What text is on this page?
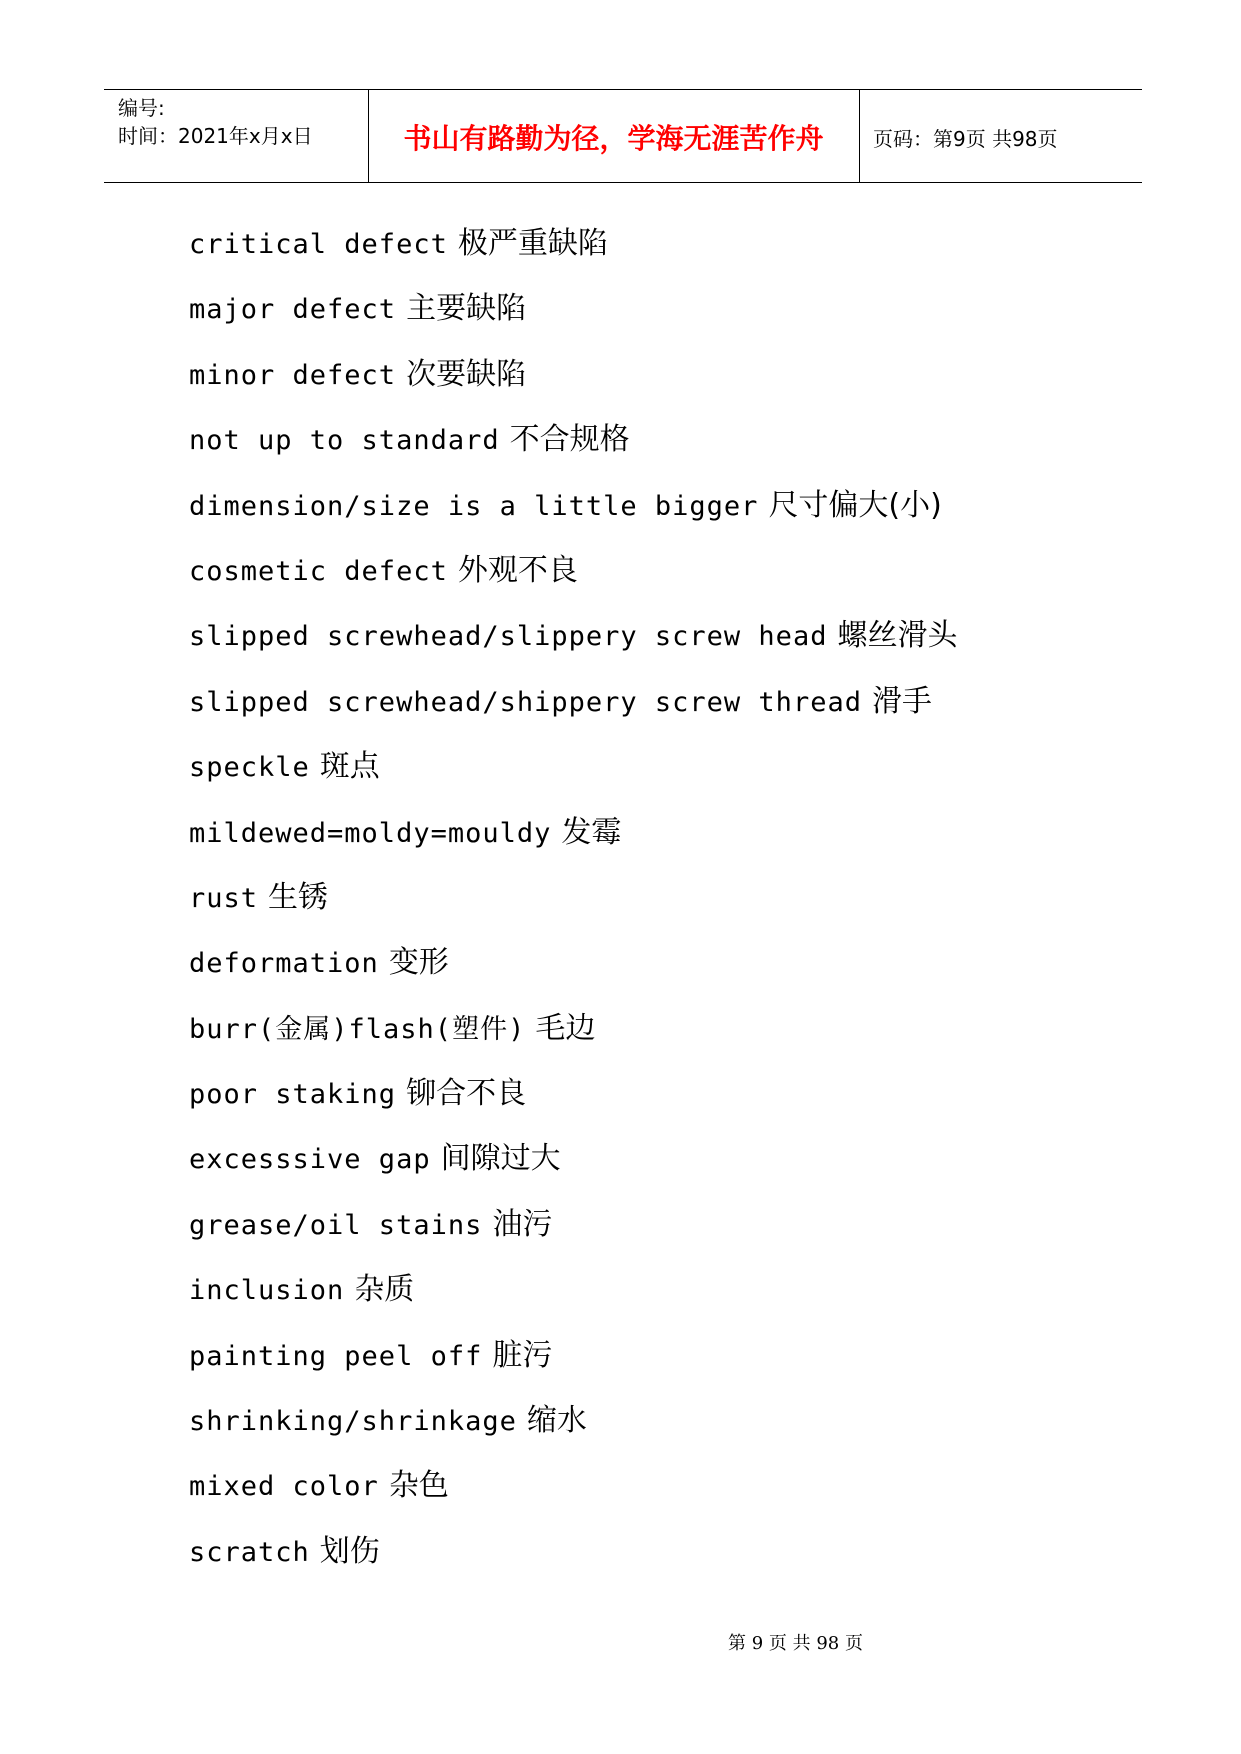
编号:
时间：2021年x月x日	书山有路勤为径，学海无涯苦作舟	页码：第9页 共98页
critical defect 极严重缺陷
major defect 主要缺陷
minor defect 次要缺陷
not up to standard 不合规格
dimension/size is a little bigger 尺寸偏大(小)
cosmetic defect 外观不良
slipped screwhead/slippery screw head 螺丝滑头
slipped screwhead/shippery screw thread 滑手
speckle 斑点
mildewed=moldy=mouldy 发霉
rust 生锈
deformation 变形
burr(金属)flash(塑件) 毛边
poor staking 铆合不良
excesssive gap 间隙过大
grease/oil stains 油污
inclusion 杂质
painting peel off 脏污
shrinking/shrinkage 缩水
mixed color 杂色
scratch 划伤
第 9 页 共 98 页
